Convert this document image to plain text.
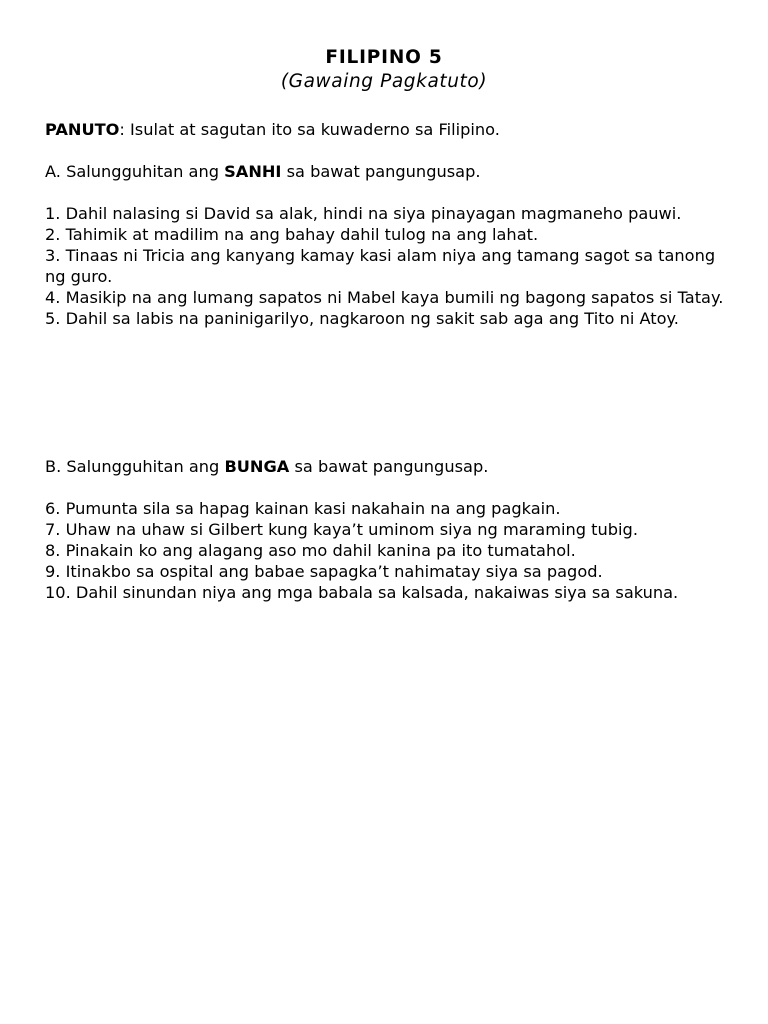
FILIPINO 5
(Gawaing Pagkatuto)

PANUTO: Isulat at sagutan ito sa kuwaderno sa Filipino.

A. Salungguhitan ang SANHI sa bawat pangungusap.

1. Dahil nalasing si David sa alak, hindi na siya pinayagan magmaneho pauwi.
2. Tahimik at madilim na ang bahay dahil tulog na ang lahat.
3. Tinaas ni Tricia ang kanyang kamay kasi alam niya ang tamang sagot sa tanong ng guro.
4. Masikip na ang lumang sapatos ni Mabel kaya bumili ng bagong sapatos si Tatay.
5. Dahil sa labis na paninigarilyo, nagkaroon ng sakit sab aga ang Tito ni Atoy.

B. Salungguhitan ang BUNGA sa bawat pangungusap.

6. Pumunta sila sa hapag kainan kasi nakahain na ang pagkain.
7. Uhaw na uhaw si Gilbert kung kaya’t uminom siya ng maraming tubig.
8. Pinakain ko ang alagang aso mo dahil kanina pa ito tumatahol.
9. Itinakbo sa ospital ang babae sapagka’t nahimatay siya sa pagod.
10. Dahil sinundan niya ang mga babala sa kalsada, nakaiwas siya sa sakuna.
